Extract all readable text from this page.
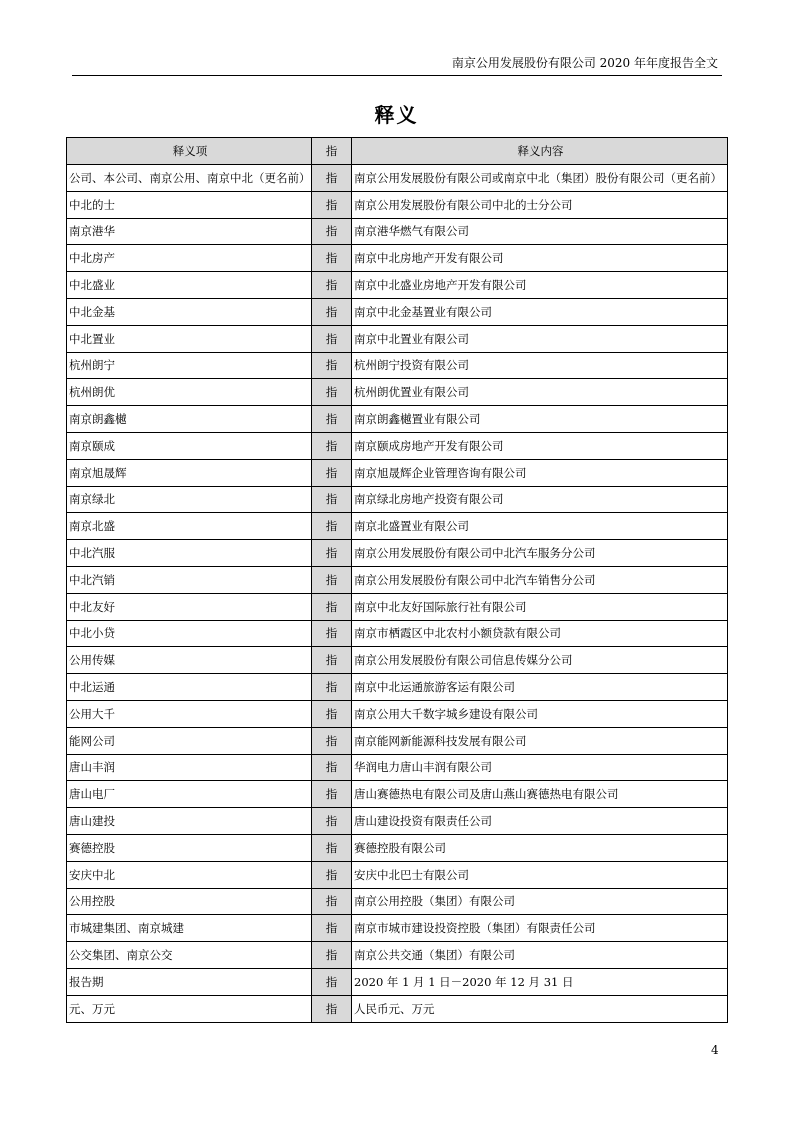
南京公用发展股份有限公司 2020 年年度报告全文
释义
释义项	指	释义内容
公司、本公司、南京公用、南京中北（更名前）	指	南京公用发展股份有限公司或南京中北（集团）股份有限公司（更名前）
中北的士	指	南京公用发展股份有限公司中北的士分公司
南京港华	指	南京港华燃气有限公司
中北房产	指	南京中北房地产开发有限公司
中北盛业	指	南京中北盛业房地产开发有限公司
中北金基	指	南京中北金基置业有限公司
中北置业	指	南京中北置业有限公司
杭州朗宁	指	杭州朗宁投资有限公司
杭州朗优	指	杭州朗优置业有限公司
南京朗鑫樾	指	南京朗鑫樾置业有限公司
南京颐成	指	南京颐成房地产开发有限公司
南京旭晟辉	指	南京旭晟辉企业管理咨询有限公司
南京绿北	指	南京绿北房地产投资有限公司
南京北盛	指	南京北盛置业有限公司
中北汽服	指	南京公用发展股份有限公司中北汽车服务分公司
中北汽销	指	南京公用发展股份有限公司中北汽车销售分公司
中北友好	指	南京中北友好国际旅行社有限公司
中北小贷	指	南京市栖霞区中北农村小额贷款有限公司
公用传媒	指	南京公用发展股份有限公司信息传媒分公司
中北运通	指	南京中北运通旅游客运有限公司
公用大千	指	南京公用大千数字城乡建设有限公司
能网公司	指	南京能网新能源科技发展有限公司
唐山丰润	指	华润电力唐山丰润有限公司
唐山电厂	指	唐山赛德热电有限公司及唐山燕山赛德热电有限公司
唐山建投	指	唐山建设投资有限责任公司
赛德控股	指	赛德控股有限公司
安庆中北	指	安庆中北巴士有限公司
公用控股	指	南京公用控股（集团）有限公司
市城建集团、南京城建	指	南京市城市建设投资控股（集团）有限责任公司
公交集团、南京公交	指	南京公共交通（集团）有限公司
报告期	指	2020 年 1 月 1 日－2020 年 12 月 31 日
元、万元	指	人民币元、万元
4
